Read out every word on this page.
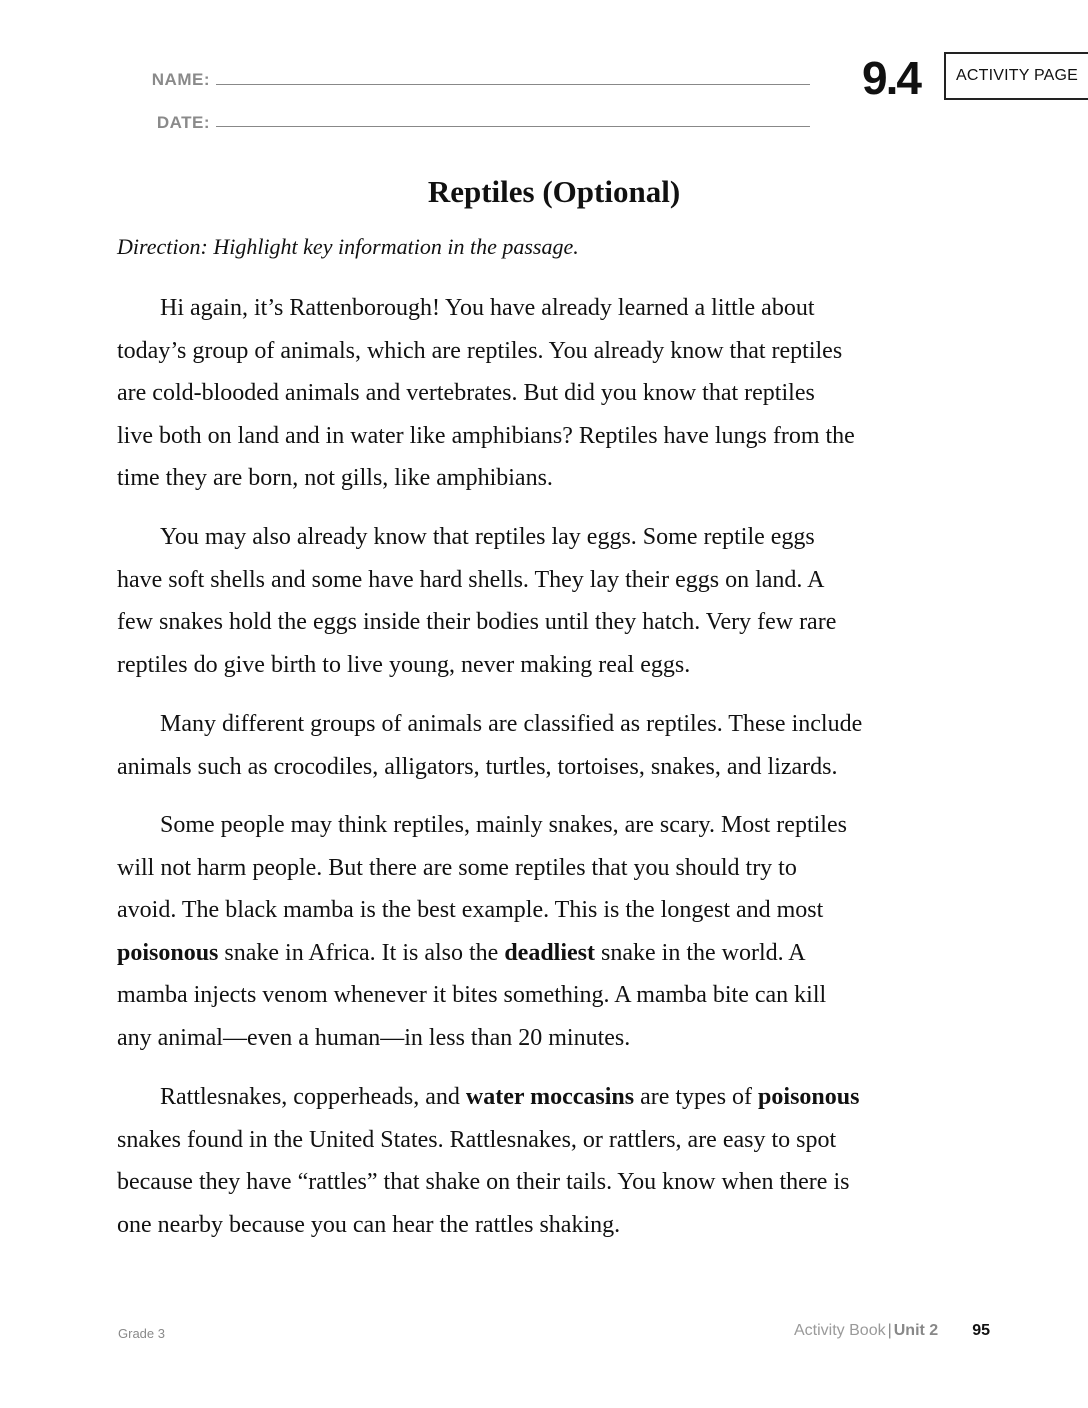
NAME:
DATE:
9.4 ACTIVITY PAGE
Reptiles (Optional)
Direction: Highlight key information in the passage.
Hi again, it’s Rattenborough! You have already learned a little about
today’s group of animals, which are reptiles. You already know that reptiles
are cold-blooded animals and vertebrates. But did you know that reptiles
live both on land and in water like amphibians? Reptiles have lungs from the
time they are born, not gills, like amphibians.
You may also already know that reptiles lay eggs. Some reptile eggs
have soft shells and some have hard shells. They lay their eggs on land. A
few snakes hold the eggs inside their bodies until they hatch. Very few rare
reptiles do give birth to live young, never making real eggs.
Many different groups of animals are classified as reptiles. These include
animals such as crocodiles, alligators, turtles, tortoises, snakes, and lizards.
Some people may think reptiles, mainly snakes, are scary. Most reptiles
will not harm people. But there are some reptiles that you should try to
avoid. The black mamba is the best example. This is the longest and most
poisonous snake in Africa. It is also the deadliest snake in the world. A
mamba injects venom whenever it bites something. A mamba bite can kill
any animal—even a human—in less than 20 minutes.
Rattlesnakes, copperheads, and water moccasins are types of poisonous
snakes found in the United States. Rattlesnakes, or rattlers, are easy to spot
because they have “rattles” that shake on their tails. You know when there is
one nearby because you can hear the rattles shaking.
Grade 3	Activity Book | Unit 2 95
